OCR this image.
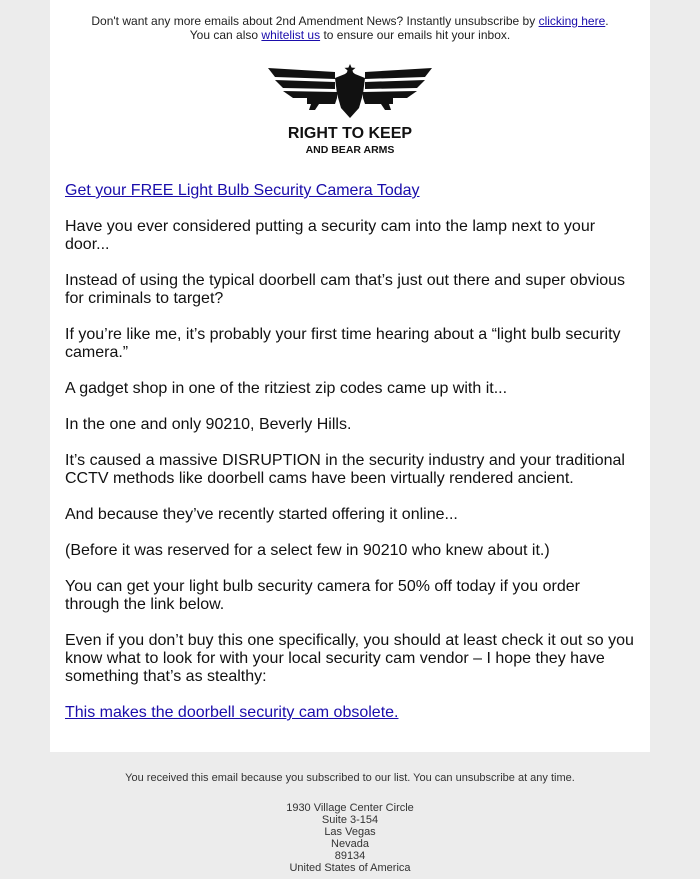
Don't want any more emails about 2nd Amendment News? Instantly unsubscribe by clicking here.
You can also whitelist us to ensure our emails hit your inbox.
RIGHT TO KEEP
AND BEAR ARMS

Get your FREE Light Bulb Security Camera Today

Have you ever considered putting a security cam into the lamp next to your door...

Instead of using the typical doorbell cam that’s just out there and super obvious for criminals to target?

If you’re like me, it’s probably your first time hearing about a “light bulb security camera.”

A gadget shop in one of the ritziest zip codes came up with it...

In the one and only 90210, Beverly Hills.

It’s caused a massive DISRUPTION in the security industry and your traditional CCTV methods like doorbell cams have been virtually rendered ancient.

And because they’ve recently started offering it online...

(Before it was reserved for a select few in 90210 who knew about it.)

You can get your light bulb security camera for 50% off today if you order through the link below.

Even if you don’t buy this one specifically, you should at least check it out so you know what to look for with your local security cam vendor – I hope they have something that’s as stealthy:

This makes the doorbell security cam obsolete.

You received this email because you subscribed to our list. You can unsubscribe at any time.
1930 Village Center Circle
Suite 3-154
Las Vegas
Nevada
89134
United States of America
